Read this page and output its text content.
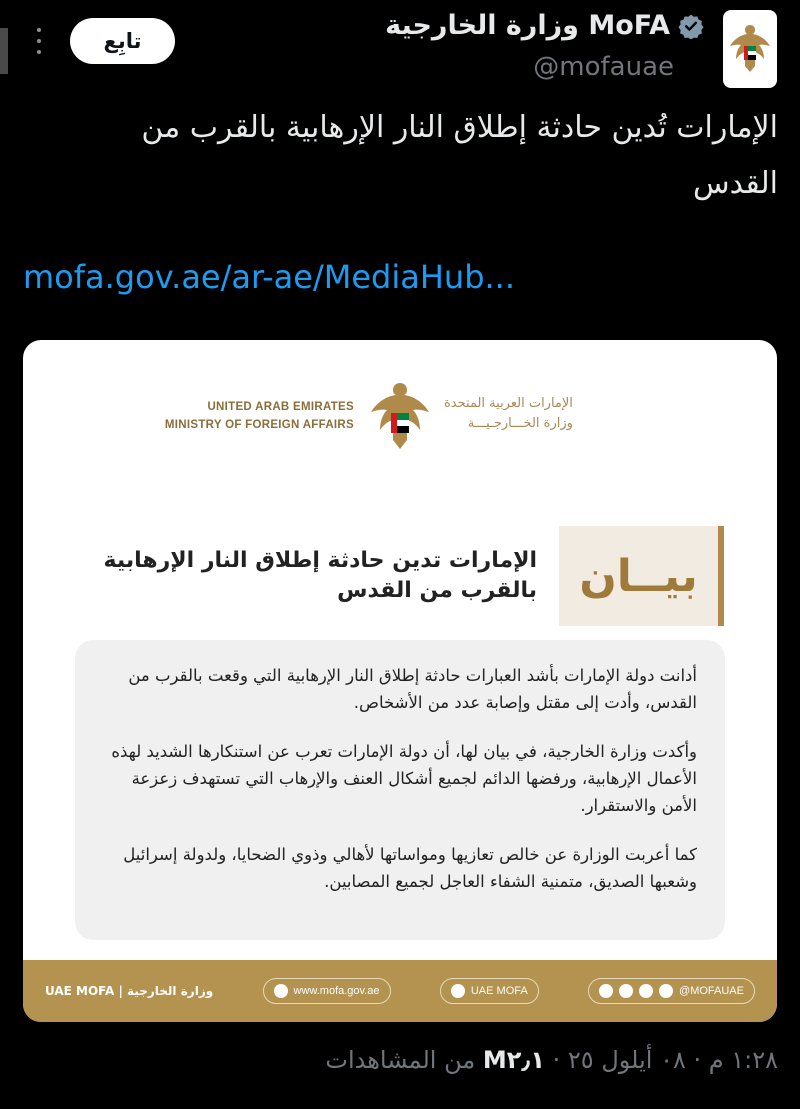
تابِع	وزارة الخارجية MoFA
@mofauae
الإمارات تُدين حادثة إطلاق النار الإرهابية بالقرب من
القدس
mofa.gov.ae/ar-ae/MediaHub...
UNITED ARAB EMIRATES
MINISTRY OF FOREIGN AFFAIRS
الإمارات العربية المتحدة
وزارة الخـــارجـيـــة
بيــان
الإمارات تدين حادثة إطلاق النار الإرهابية
بالقرب من القدس

أدانت دولة الإمارات بأشد العبارات حادثة إطلاق النار الإرهابية التي وقعت بالقرب من القدس، وأدت إلى مقتل وإصابة عدد من الأشخاص.

وأكدت وزارة الخارجية، في بيان لها، أن دولة الإمارات تعرب عن استنكارها الشديد لهذه الأعمال الإرهابية، ورفضها الدائم لجميع أشكال العنف والإرهاب التي تستهدف زعزعة الأمن والاستقرار.

كما أعربت الوزارة عن خالص تعازيها ومواساتها لأهالي وذوي الضحايا، ولدولة إسرائيل وشعبها الصديق، متمنية الشفاء العاجل لجميع المصابين.

UAE MOFA | وزارة الخارجية	www.mofa.gov.ae	UAE MOFA	@MOFAUAE
١:٢٨ م · ٠٨ أيلول ٢٥ · M٢٫١ من المشاهدات
